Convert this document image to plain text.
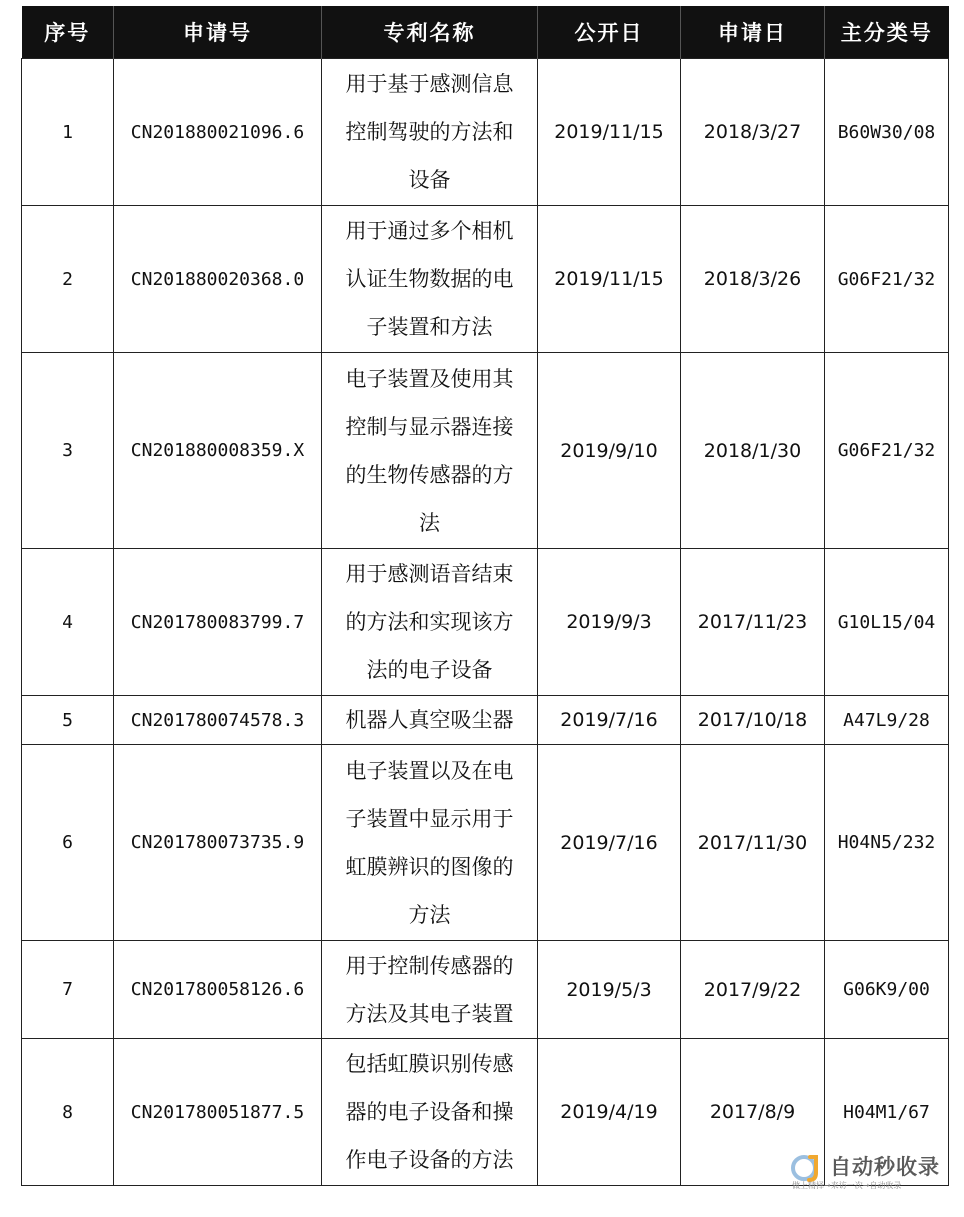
序号	申请号	专利名称	公开日	申请日	主分类号
1	CN201880021096.6	用于基于感测信息
控制驾驶的方法和
设备	2019/11/15	2018/3/27	B60W30/08
2	CN201880020368.0	用于通过多个相机
认证生物数据的电
子装置和方法	2019/11/15	2018/3/26	G06F21/32
3	CN201880008359.X	电子装置及使用其
控制与显示器连接
的生物传感器的方
法	2019/9/10	2018/1/30	G06F21/32
4	CN201780083799.7	用于感测语音结束
的方法和实现该方
法的电子设备	2019/9/3	2017/11/23	G10L15/04
5	CN201780074578.3	机器人真空吸尘器	2019/7/16	2017/10/18	A47L9/28
6	CN201780073735.9	电子装置以及在电
子装置中显示用于
虹膜辨识的图像的
方法	2019/7/16	2017/11/30	H04N5/232
7	CN201780058126.6	用于控制传感器的
方法及其电子装置	2019/5/3	2017/9/22	G06K9/00
8	CN201780051877.5	包括虹膜识别传感
器的电子设备和操
作电子设备的方法	2019/4/19	2017/8/9	H04M1/67
自动秒收录
做上精择→来访一次→自动收录
